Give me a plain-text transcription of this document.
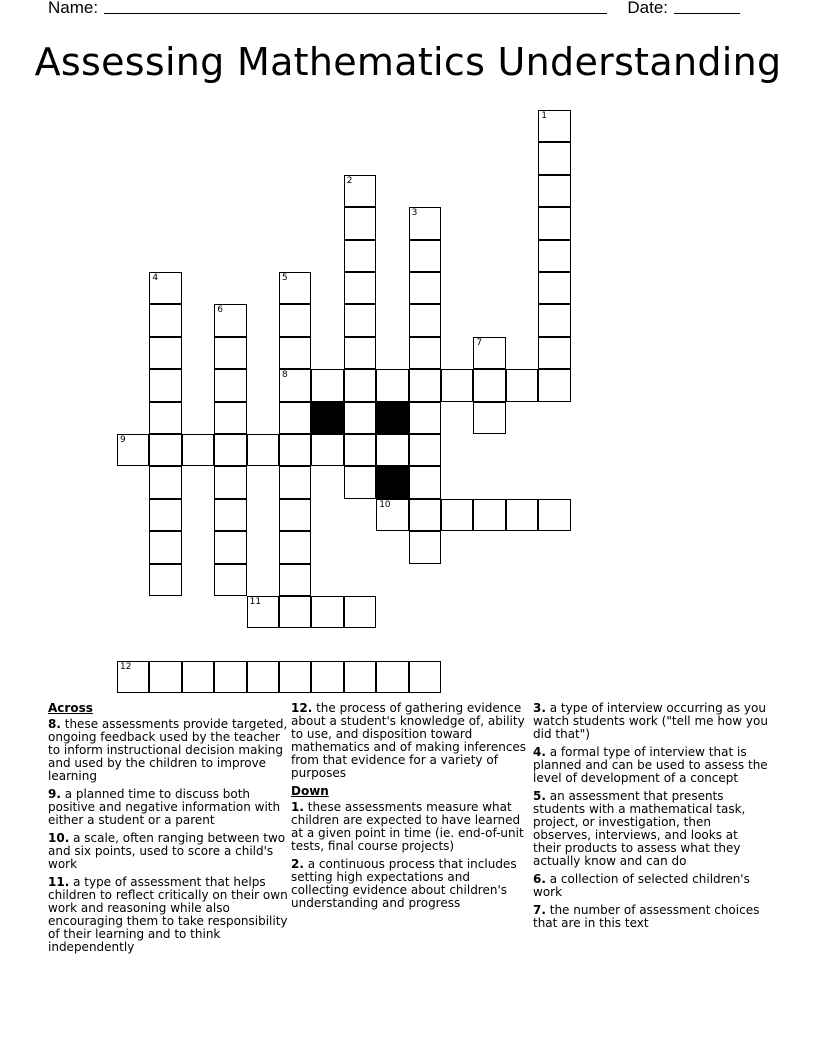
Name:	Date:
Assessing Mathematics Understanding
1
2
3
4	5
8
6
7
9
10
11
12
Across
8. these assessments provide targeted, ongoing feedback used by the teacher to inform instructional decision making and used by the children to improve learning
9. a planned time to discuss both positive and negative information with either a student or a parent
10. a scale, often ranging between two and six points, used to score a child's work
11. a type of assessment that helps children to reflect critically on their own work and reasoning while also encouraging them to take responsibility of their learning and to think independently
12. the process of gathering evidence about a student's knowledge of, ability to use, and disposition toward mathematics and of making inferences from that evidence for a variety of purposes
Down
1. these assessments measure what children are expected to have learned at a given point in time (ie. end-of-unit tests, final course projects)
2. a continuous process that includes setting high expectations and collecting evidence about children's understanding and progress
3. a type of interview occurring as you watch students work ("tell me how you did that")
4. a formal type of interview that is planned and can be used to assess the level of development of a concept
5. an assessment that presents students with a mathematical task, project, or investigation, then observes, interviews, and looks at their products to assess what they actually know and can do
6. a collection of selected children's work
7. the number of assessment choices that are in this text
